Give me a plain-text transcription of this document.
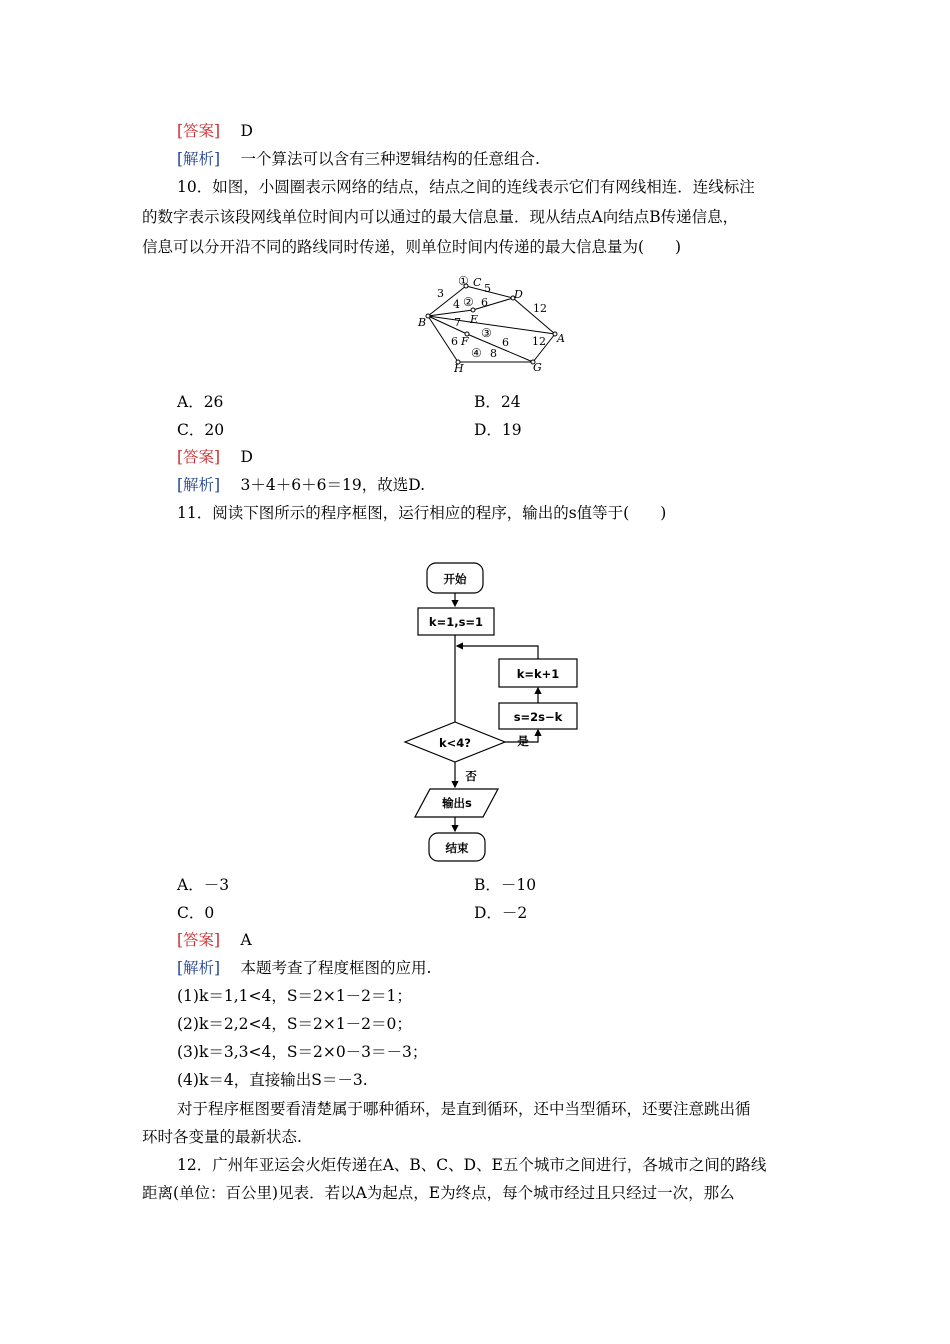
[答案]　 D
[解析]　 一个算法可以含有三种逻辑结构的任意组合.
10．如图，小圆圈表示网络的结点，结点之间的连线表示它们有网线相连．连线标注
的数字表示该段网线单位时间内可以通过的最大信息量．现从结点A向结点B传递信息，
信息可以分开沿不同的路线同时传递，则单位时间内传递的最大信息量为(　　)
C
D
E
B
A
F
H	G
3	5
4 6	12
7
6	6 12
8
①
②
③
④
A．26	B．24
C．20	D．19
[答案]　 D
[解析]　 3＋4＋6＋6＝19，故选D.
11．阅读下图所示的程序框图，运行相应的程序，输出的s值等于(　　)
开始
k=1,s=1
k=k+1
s=2s−k
是
k<4?
否
输出s
结束
A．－3	B．－10
C．0	D．－2
[答案]　 A
[解析]　 本题考查了程度框图的应用.
(1)k＝1,1<4，S＝2×1－2＝1；
(2)k＝2,2<4，S＝2×1－2＝0；
(3)k＝3,3<4，S＝2×0－3＝－3；
(4)k＝4，直接输出S＝－3.
对于程序框图要看清楚属于哪种循环，是直到循环，还中当型循环，还要注意跳出循
环时各变量的最新状态.
12．广州年亚运会火炬传递在A、B、C、D、E五个城市之间进行，各城市之间的路线
距离(单位：百公里)见表．若以A为起点，E为终点，每个城市经过且只经过一次，那么
